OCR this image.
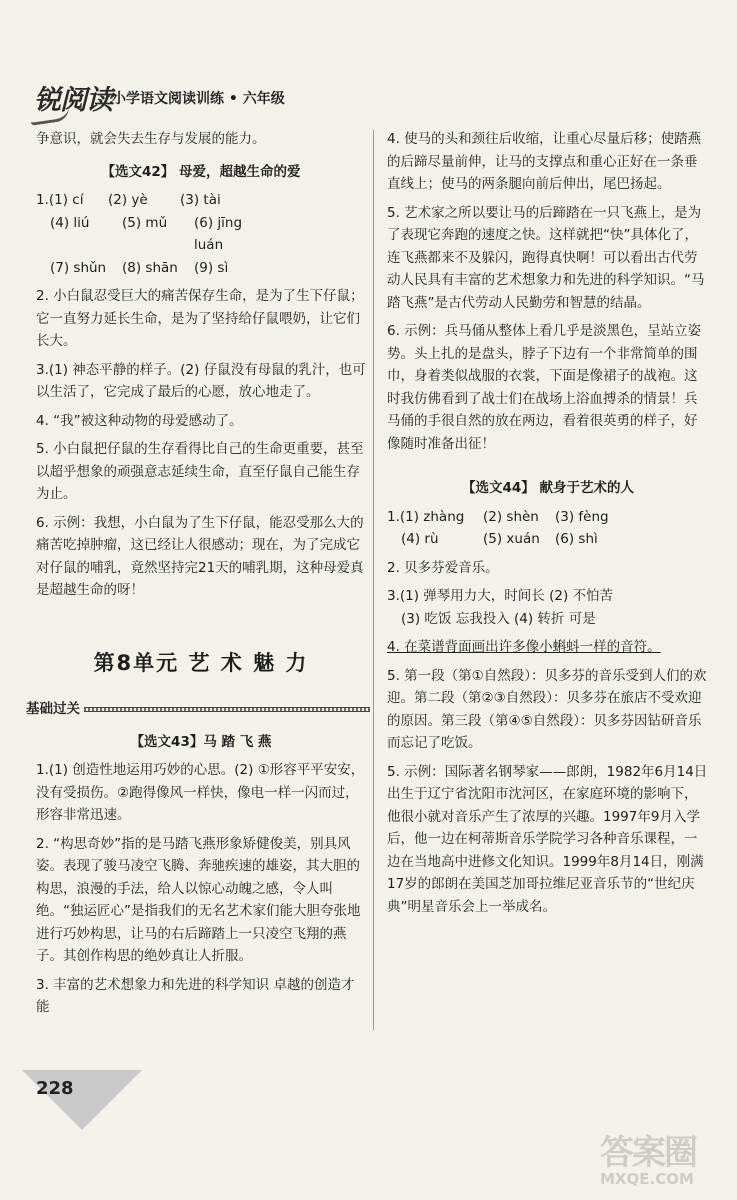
锐阅读 小学语文阅读训练 • 六年级

争意识，就会失去生存与发展的能力。

【选文42】 母爱，超越生命的爱
1.(1) cí	(2) yè	(3) tài
(4) liú	(5) mǔ	(6) jīng luán
(7) shǔn	(8) shān	(9) sì

2. 小白鼠忍受巨大的痛苦保存生命，是为了生下仔鼠；它一直努力延长生命，是为了坚持给仔鼠喂奶，让它们长大。

3.(1) 神态平静的样子。(2) 仔鼠没有母鼠的乳汁，也可以生活了，它完成了最后的心愿，放心地走了。

4. “我”被这种动物的母爱感动了。

5. 小白鼠把仔鼠的生存看得比自己的生命更重要，甚至以超乎想象的顽强意志延续生命，直至仔鼠自己能生存为止。

6. 示例：我想，小白鼠为了生下仔鼠，能忍受那么大的痛苦吃掉肿瘤，这已经让人很感动；现在，为了完成它对仔鼠的哺乳，竟然坚持完21天的哺乳期，这种母爱真是超越生命的呀！

第8单元 艺 术 魅 力
基础过关
【选文43】马 踏 飞 燕

1.(1) 创造性地运用巧妙的心思。(2) ①形容平平安安，没有受损伤。②跑得像风一样快，像电一样一闪而过，形容非常迅速。

2. “构思奇妙”指的是马踏飞燕形象矫健俊美，别具风姿。表现了骏马凌空飞腾、奔驰疾速的雄姿，其大胆的构思，浪漫的手法，给人以惊心动魄之感，令人叫绝。“独运匠心”是指我们的无名艺术家们能大胆夸张地进行巧妙构思，让马的右后蹄踏上一只凌空飞翔的燕子。其创作构思的绝妙真让人折服。

3. 丰富的艺术想象力和先进的科学知识 卓越的创造才能

4. 使马的头和颈往后收缩，让重心尽量后移；使踏燕的后蹄尽量前伸，让马的支撑点和重心正好在一条垂直线上；使马的两条腿向前后伸出，尾巴扬起。

5. 艺术家之所以要让马的后蹄踏在一只飞燕上，是为了表现它奔跑的速度之快。这样就把“快”具体化了，连飞燕都来不及躲闪，跑得真快啊！可以看出古代劳动人民具有丰富的艺术想象力和先进的科学知识。“马踏飞燕”是古代劳动人民勤劳和智慧的结晶。

6. 示例：兵马俑从整体上看几乎是淡黑色，呈站立姿势。头上扎的是盘头，脖子下边有一个非常简单的围巾，身着类似战服的衣裳，下面是像裙子的战袍。这时我仿佛看到了战士们在战场上浴血搏杀的情景！兵马俑的手很自然的放在两边，看着很英勇的样子，好像随时准备出征！

【选文44】 献身于艺术的人
1.(1) zhàng	(2) shèn	(3) fèng
(4) rù	(5) xuán	(6) shì

2. 贝多芬爱音乐。

3.(1) 弹琴用力大，时间长 (2) 不怕苦

(3) 吃饭 忘我投入 (4) 转折 可是

4. 在菜谱背面画出许多像小蝌蚪一样的音符。

5. 第一段（第①自然段）：贝多芬的音乐受到人们的欢迎。第二段（第②③自然段）：贝多芬在旅店不受欢迎的原因。第三段（第④⑤自然段）：贝多芬因钻研音乐而忘记了吃饭。

5. 示例：国际著名钢琴家——郎朗，1982年6月14日出生于辽宁省沈阳市沈河区，在家庭环境的影响下，他很小就对音乐产生了浓厚的兴趣。1997年9月入学后，他一边在柯蒂斯音乐学院学习各种音乐课程，一边在当地高中进修文化知识。1999年8月14日，刚满17岁的郎朗在美国芝加哥拉维尼亚音乐节的“世纪庆典”明星音乐会上一举成名。

228
答案圈
MXQE.COM
